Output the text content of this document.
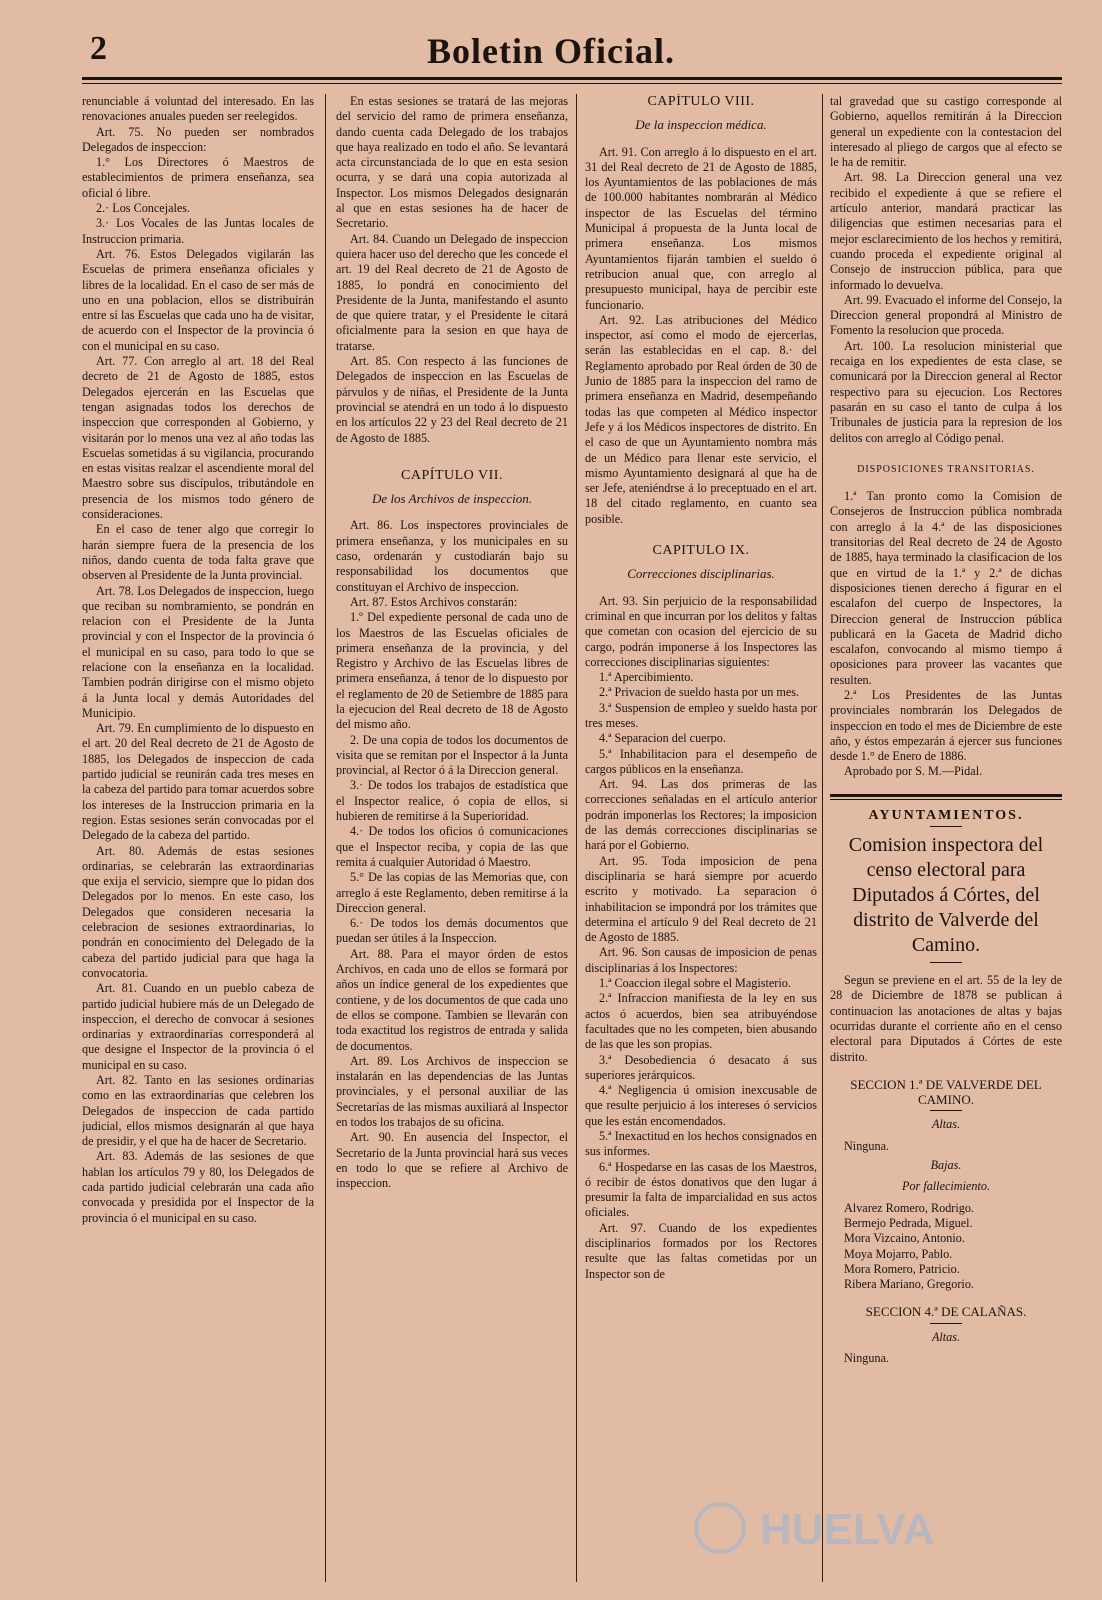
2	Boletin Oficial.

renunciable á voluntad del interesado. En las renovaciones anuales pueden ser reelegidos.

Art. 75. No pueden ser nombrados Delegados de inspeccion:

1.° Los Directores ó Maestros de establecimientos de primera enseñanza, sea oficial ó libre.

2.· Los Concejales.

3.· Los Vocales de las Juntas locales de Instruccion primaria.

Art. 76. Estos Delegados vigilarán las Escuelas de primera enseñanza oficiales y libres de la localidad. En el caso de ser más de uno en una poblacion, ellos se distribuirán entre sí las Escuelas que cada uno ha de visitar, de acuerdo con el Inspector de la provincia ó con el municipal en su caso.

Art. 77. Con arreglo al art. 18 del Real decreto de 21 de Agosto de 1885, estos Delegados ejercerán en las Escuelas que tengan asignadas todos los derechos de inspeccion que corresponden al Gobierno, y visitarán por lo menos una vez al año todas las Escuelas sometidas á su vigilancia, procurando en estas visitas realzar el ascendiente moral del Maestro sobre sus discípulos, tributándole en presencia de los mismos todo género de consideraciones.

En el caso de tener algo que corregir lo harán siempre fuera de la presencia de los niños, dando cuenta de toda falta grave que observen al Presidente de la Junta provincial.

Art. 78. Los Delegados de inspeccion, luego que reciban su nombramiento, se pondrán en relacion con el Presidente de la Junta provincial y con el Inspector de la provincia ó el municipal en su caso, para todo lo que se relacione con la enseñanza en la localidad. Tambien podrán dirigirse con el mismo objeto á la Junta local y demás Autoridades del Municipio.

Art. 79. En cumplimiento de lo dispuesto en el art. 20 del Real decreto de 21 de Agosto de 1885, los Delegados de inspeccion de cada partido judicial se reunirán cada tres meses en la cabeza del partido para tomar acuerdos sobre los intereses de la Instruccion primaria en la region. Estas sesiones serán convocadas por el Delegado de la cabeza del partido.

Art. 80. Además de estas sesiones ordinarias, se celebrarán las extraordinarias que exija el servicio, siempre que lo pidan dos Delegados por lo menos. En este caso, los Delegados que consideren necesaria la celebracion de sesiones extraordinarias, lo pondrán en conocimiento del Delegado de la cabeza del partido judicial para que haga la convocatoria.

Art. 81. Cuando en un pueblo cabeza de partido judicial hubiere más de un Delegado de inspeccion, el derecho de convocar á sesiones ordinarias y extraordinarias corresponderá al que designe el Inspector de la provincia ó el municipal en su caso.

Art. 82. Tanto en las sesiones ordinarias como en las extraordinarias que celebren los Delegados de inspeccion de cada partido judicial, ellos mismos designarán al que haya de presidir, y el que ha de hacer de Secretario.

Art. 83. Además de las sesiones de que hablan los artículos 79 y 80, los Delegados de cada partido judicial celebrarán una cada año convocada y presidida por el Inspector de la provincia ó el municipal en su caso.

En estas sesiones se tratará de las mejoras del servicio del ramo de primera enseñanza, dando cuenta cada Delegado de los trabajos que haya realizado en todo el año. Se levantará acta circunstanciada de lo que en esta sesion ocurra, y se dará una copia autorizada al Inspector. Los mismos Delegados designarán al que en estas sesiones ha de hacer de Secretario.

Art. 84. Cuando un Delegado de inspeccion quiera hacer uso del derecho que les concede el art. 19 del Real decreto de 21 de Agosto de 1885, lo pondrá en conocimiento del Presidente de la Junta, manifestando el asunto de que quiere tratar, y el Presidente le citará oficialmente para la sesion en que haya de tratarse.

Art. 85. Con respecto á las funciones de Delegados de inspeccion en las Escuelas de párvulos y de niñas, el Presidente de la Junta provincial se atendrá en un todo á lo dispuesto en los artículos 22 y 23 del Real decreto de 21 de Agosto de 1885.

CAPÍTULO VII.
De los Archivos de inspeccion.

Art. 86. Los inspectores provinciales de primera enseñanza, y los municipales en su caso, ordenarán y custodiarán bajo su responsabilidad los documentos que constituyan el Archivo de inspeccion.

Art. 87. Estos Archivos constarán:

1.º Del expediente personal de cada uno de los Maestros de las Escuelas oficiales de primera enseñanza de la provincia, y del Registro y Archivo de las Escuelas libres de primera enseñanza, á tenor de lo dispuesto por el reglamento de 20 de Setiembre de 1885 para la ejecucion del Real decreto de 18 de Agosto del mismo año.

2. De una copia de todos los documentos de visita que se remitan por el Inspector á la Junta provincial, al Rector ó á la Direccion general.

3.· De todos los trabajos de estadística que el Inspector realice, ó copia de ellos, si hubieren de remitirse á la Superioridad.

4.· De todos los oficios ó comunicaciones que el Inspector reciba, y copia de las que remita á cualquier Autoridad ó Maestro.

5.° De las copias de las Memorias que, con arreglo á este Reglamento, deben remitirse á la Direccion general.

6.· De todos los demás documentos que puedan ser útiles á la Inspeccion.

Art. 88. Para el mayor órden de estos Archivos, en cada uno de ellos se formará por años un índice general de los expedientes que contiene, y de los documentos de que cada uno de ellos se compone. Tambien se llevarán con toda exactitud los registros de entrada y salida de documentos.

Art. 89. Los Archivos de inspeccion se instalarán en las dependencias de las Juntas provinciales, y el personal auxiliar de las Secretarías de las mismas auxiliará al Inspector en todos los trabajos de su oficina.

Art. 90. En ausencia del Inspector, el Secretario de la Junta provincial hará sus veces en todo lo que se refiere al Archivo de inspeccion.

CAPÍTULO VIII.
De la inspeccion médica.

Art. 91. Con arreglo á lo dispuesto en el art. 31 del Real decreto de 21 de Agosto de 1885, los Ayuntamientos de las poblaciones de más de 100.000 habitantes nombrarán al Médico inspector de las Escuelas del término Municipal á propuesta de la Junta local de primera enseñanza. Los mismos Ayuntamientos fijarán tambien el sueldo ó retribucion anual que, con arreglo al presupuesto municipal, haya de percibir este funcionario.

Art. 92. Las atribuciones del Médico inspector, así como el modo de ejercerlas, serán las establecidas en el cap. 8.· del Reglamento aprobado por Real órden de 30 de Junio de 1885 para la inspeccion del ramo de primera enseñanza en Madrid, desempeñando todas las que competen al Médico inspector Jefe y á los Médicos inspectores de distrito. En el caso de que un Ayuntamiento nombra más de un Médico para llenar este servicio, el mismo Ayuntamiento designará al que ha de ser Jefe, ateniéndrse á lo preceptuado en el art. 18 del citado reglamento, en cuanto sea posible.

CAPITULO IX.
Correcciones disciplinarias.

Art. 93. Sin perjuicio de la responsabilidad criminal en que incurran por los delitos y faltas que cometan con ocasion del ejercicio de su cargo, podrán imponerse á los Inspectores las correcciones disciplinarias siguientes:

1.ª Apercibimiento.

2.ª Privacion de sueldo hasta por un mes.

3.ª Suspension de empleo y sueldo hasta por tres meses.

4.ª Separacion del cuerpo.

5.ª Inhabilitacion para el desempeño de cargos públicos en la enseñanza.

Art. 94. Las dos primeras de las correcciones señaladas en el artículo anterior podrán imponerlas los Rectores; la imposicion de las demás correcciones disciplinarias se hará por el Gobierno.

Art. 95. Toda imposicion de pena disciplinaria se hará siempre por acuerdo escrito y motivado. La separacion ó inhabilitacion se impondrá por los trámites que determina el artículo 9 del Real decreto de 21 de Agosto de 1885.

Art. 96. Son causas de imposicion de penas disciplinarias á los Inspectores:

1.ª Coaccion ilegal sobre el Magisterio.

2.ª Infraccion manifiesta de la ley en sus actos ó acuerdos, bien sea atribuyéndose facultades que no les competen, bien abusando de las que les son propias.

3.ª Desobediencia ó desacato á sus superiores jerárquicos.

4.ª Negligencia ú omision inexcusable de que resulte perjuicio á los intereses ó servicios que les están encomendados.

5.ª Inexactitud en los hechos consignados en sus informes.

6.ª Hospedarse en las casas de los Maestros, ó recibir de éstos donativos que den lugar á presumir la falta de imparcialidad en sus actos oficiales.

Art. 97. Cuando de los expedientes disciplinarios formados por los Rectores resulte que las faltas cometidas por un Inspector son de

tal gravedad que su castigo corresponde al Gobierno, aquellos remitirán á la Direccion general un expediente con la contestacion del interesado al pliego de cargos que al efecto se le ha de remitir.

Art. 98. La Direccion general una vez recibido el expediente á que se refiere el artículo anterior, mandará practicar las diligencias que estimen necesarias para el mejor esclarecimiento de los hechos y remitirá, cuando proceda el expediente original al Consejo de instruccion pública, para que informado lo devuelva.

Art. 99. Evacuado el informe del Consejo, la Direccion general propondrá al Ministro de Fomento la resolucion que proceda.

Art. 100. La resolucion ministerial que recaiga en los expedientes de esta clase, se comunicará por la Direccion general al Rector respectivo para su ejecucion. Los Rectores pasarán en su caso el tanto de culpa á los Tribunales de justicia para la represion de los delitos con arreglo al Código penal.

DISPOSICIONES TRANSITORIAS.

1.ª Tan pronto como la Comision de Consejeros de Instruccion pública nombrada con arreglo á la 4.ª de las disposiciones transitorias del Real decreto de 24 de Agosto de 1885, haya terminado la clasificacion de los que en virtud de la 1.ª y 2.ª de dichas disposiciones tienen derecho á figurar en el escalafon del cuerpo de Inspectores, la Direccion general de Instruccion pública publicará en la Gaceta de Madrid dicho escalafon, convocando al mismo tiempo á oposiciones para proveer las vacantes que resulten.

2.ª Los Presidentes de las Juntas provinciales nombrarán los Delegados de inspeccion en todo el mes de Diciembre de este año, y éstos empezarán á ejercer sus funciones desde 1.° de Enero de 1886.

Aprobado por S. M.—Pidal.

AYUNTAMIENTOS.
Comision inspectora del censo electoral para Diputados á Córtes, del distrito de Valverde del Camino.

Segun se previene en el art. 55 de la ley de 28 de Diciembre de 1878 se publican á continuacion las anotaciones de altas y bajas ocurridas durante el corriente año en el censo electoral para Diputados á Córtes de este distrito.

SECCION 1.ª DE VALVERDE DEL CAMINO.
Altas.
Ninguna.
Bajas.
Por fallecimiento.
Alvarez Romero, Rodrigo.
Bermejo Pedrada, Miguel.
Mora Vizcaino, Antonio.
Moya Mojarro, Pablo.
Mora Romero, Patricio.
Ribera Mariano, Gregorio.
SECCION 4.ª DE CALAÑAS.
Altas.
Ninguna.
HUELVA
